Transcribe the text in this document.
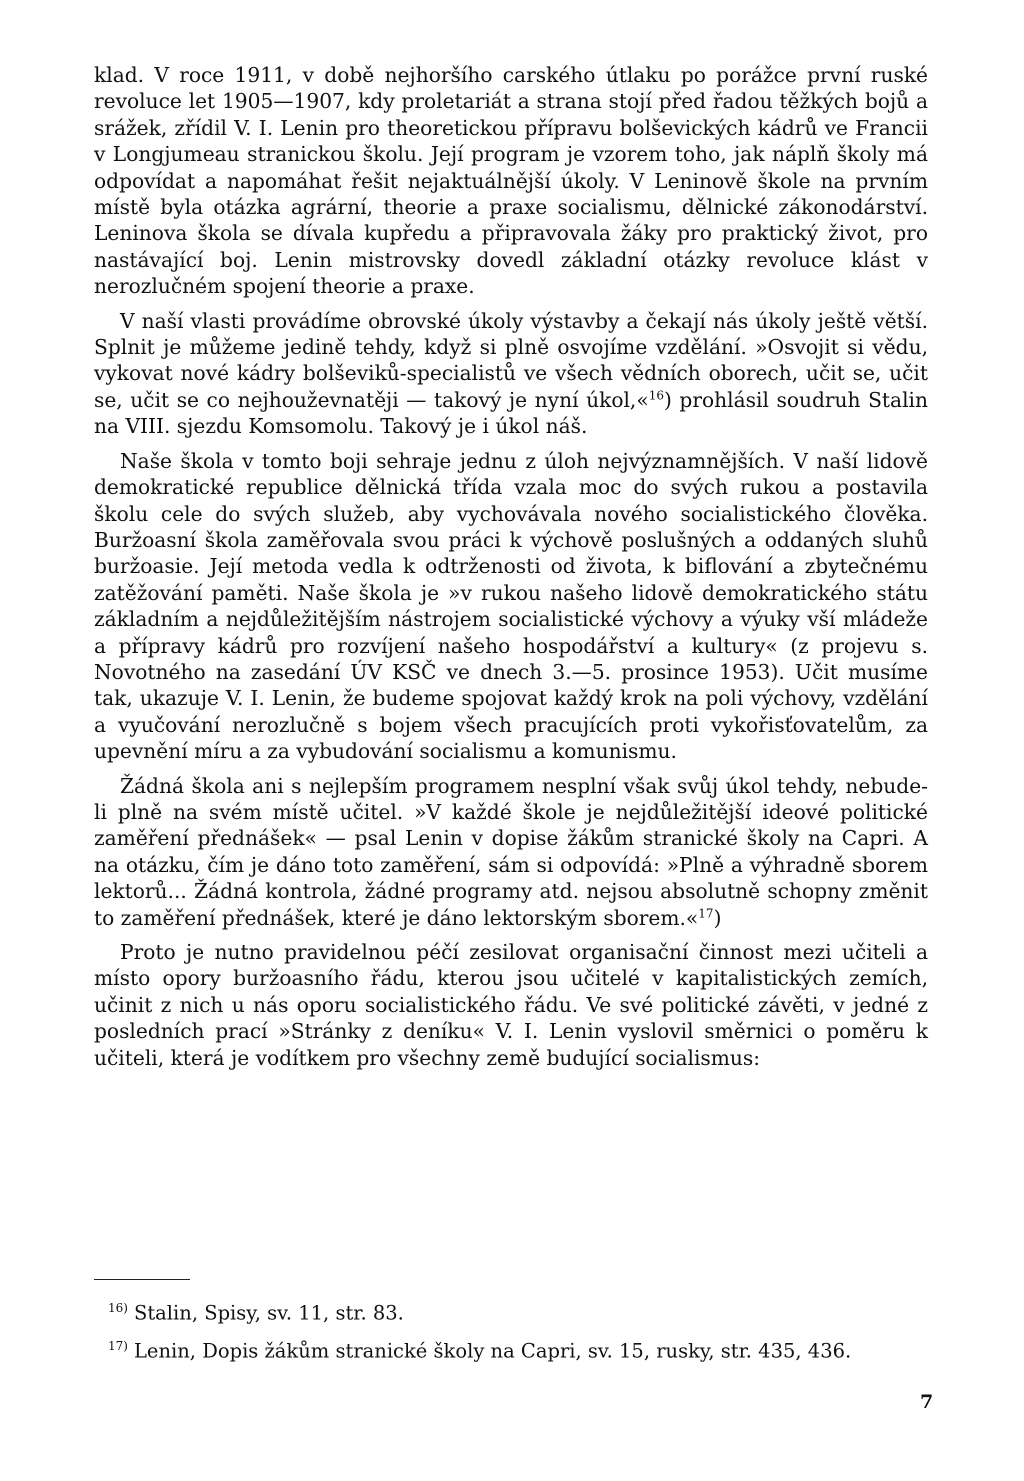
klad. V roce 1911, v době nejhoršího carského útlaku po porážce první ruské revoluce let 1905—1907, kdy proletariát a strana stojí před řadou těžkých bojů a srážek, zřídil V. I. Lenin pro theoretickou přípravu bolševických kádrů ve Francii v Longjumeau stranickou školu. Její program je vzorem toho, jak náplň školy má odpovídat a napomáhat řešit nejaktuálnější úkoly. V Leninově škole na prvním místě byla otázka agrární, theorie a praxe socialismu, dělnické zákonodárství. Leninova škola se dívala kupředu a připravovala žáky pro praktický život, pro nastávající boj. Lenin mistrovsky dovedl základní otázky revoluce klást v nerozlučném spojení theorie a praxe.

V naší vlasti provádíme obrovské úkoly výstavby a čekají nás úkoly ještě větší. Splnit je můžeme jedině tehdy, když si plně osvojíme vzdělání. »Osvojit si vědu, vykovat nové kádry bolševiků-specialistů ve všech vědních oborech, učit se, učit se, učit se co nejhouževnatěji — takový je nyní úkol,«$^{16}$) prohlásil soudruh Stalin na VIII. sjezdu Komsomolu. Takový je i úkol náš.

Naše škola v tomto boji sehraje jednu z úloh nejvýznamnějších. V naší lidově demokratické republice dělnická třída vzala moc do svých rukou a postavila školu cele do svých služeb, aby vychovávala nového socialistického člověka. Buržoasní škola zaměřovala svou práci k výchově poslušných a oddaných sluhů buržoasie. Její metoda vedla k odtrženosti od života, k biflování a zbytečnému zatěžování paměti. Naše škola je »v rukou našeho lidově demokratického státu základním a nejdůležitějším nástrojem socialistické výchovy a výuky vší mládeže a přípravy kádrů pro rozvíjení našeho hospodářství a kultury« (z projevu s. Novotného na zasedání ÚV KSČ ve dnech 3.—5. prosince 1953). Učit musíme tak, ukazuje V. I. Lenin, že budeme spojovat každý krok na poli výchovy, vzdělání a vyučování nerozlučně s bojem všech pracujících proti vykořisťovatelům, za upevnění míru a za vybudování socialismu a komunismu.

Žádná škola ani s nejlepším programem nesplní však svůj úkol tehdy, nebude-li plně na svém místě učitel. »V každé škole je nejdůležitější ideové politické zaměření přednášek« — psal Lenin v dopise žákům stranické školy na Capri. A na otázku, čím je dáno toto zaměření, sám si odpovídá: »Plně a výhradně sborem lektorů... Žádná kontrola, žádné programy atd. nejsou absolutně schopny změnit to zaměření přednášek, které je dáno lektorským sborem.«$^{17}$)

Proto je nutno pravidelnou péčí zesilovat organisační činnost mezi učiteli a místo opory buržoasního řádu, kterou jsou učitelé v kapitalistických zemích, učinit z nich u nás oporu socialistického řádu. Ve své politické závěti, v jedné z posledních prací »Stránky z deníku« V. I. Lenin vyslovil směrnici o poměru k učiteli, která je vodítkem pro všechny země budující socialismus:

$^{16)}$ Stalin, Spisy, sv. 11, str. 83.

$^{17)}$ Lenin, Dopis žákům stranické školy na Capri, sv. 15, rusky, str. 435, 436.

7
